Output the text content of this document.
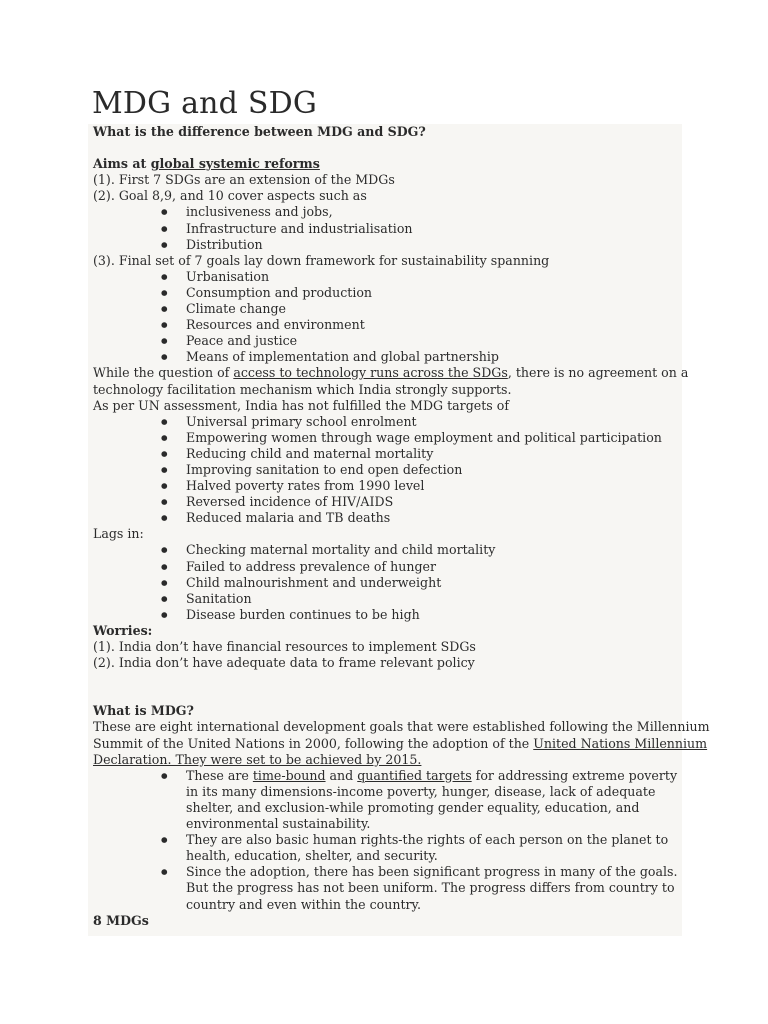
MDG and SDG
What is the difference between MDG and SDG?
Aims at global systemic reforms
(1). First 7 SDGs are an extension of the MDGs
(2). Goal 8,9, and 10 cover aspects such as
● inclusiveness and jobs,
● Infrastructure and industrialisation
● Distribution
(3). Final set of 7 goals lay down framework for sustainability spanning
● Urbanisation
● Consumption and production
● Climate change
● Resources and environment
● Peace and justice
● Means of implementation and global partnership
While the question of access to technology runs across the SDGs, there is no agreement on a
technology facilitation mechanism which India strongly supports.
As per UN assessment, India has not fulfilled the MDG targets of
● Universal primary school enrolment
● Empowering women through wage employment and political participation
● Reducing child and maternal mortality
● Improving sanitation to end open defection
● Halved poverty rates from 1990 level
● Reversed incidence of HIV/AIDS
● Reduced malaria and TB deaths
Lags in:
● Checking maternal mortality and child mortality
● Failed to address prevalence of hunger
● Child malnourishment and underweight
● Sanitation
● Disease burden continues to be high
Worries:
(1). India don’t have financial resources to implement SDGs
(2). India don’t have adequate data to frame relevant policy
What is MDG?
These are eight international development goals that were established following the Millennium
Summit of the United Nations in 2000, following the adoption of the United Nations Millennium
Declaration. They were set to be achieved by 2015.
● These are time-bound and quantified targets for addressing extreme poverty in its many dimensions-income poverty, hunger, disease, lack of adequate shelter, and exclusion-while promoting gender equality, education, and environmental sustainability.
● They are also basic human rights-the rights of each person on the planet to health, education, shelter, and security.
● Since the adoption, there has been significant progress in many of the goals. But the progress has not been uniform. The progress differs from country to country and even within the country.
8 MDGs
